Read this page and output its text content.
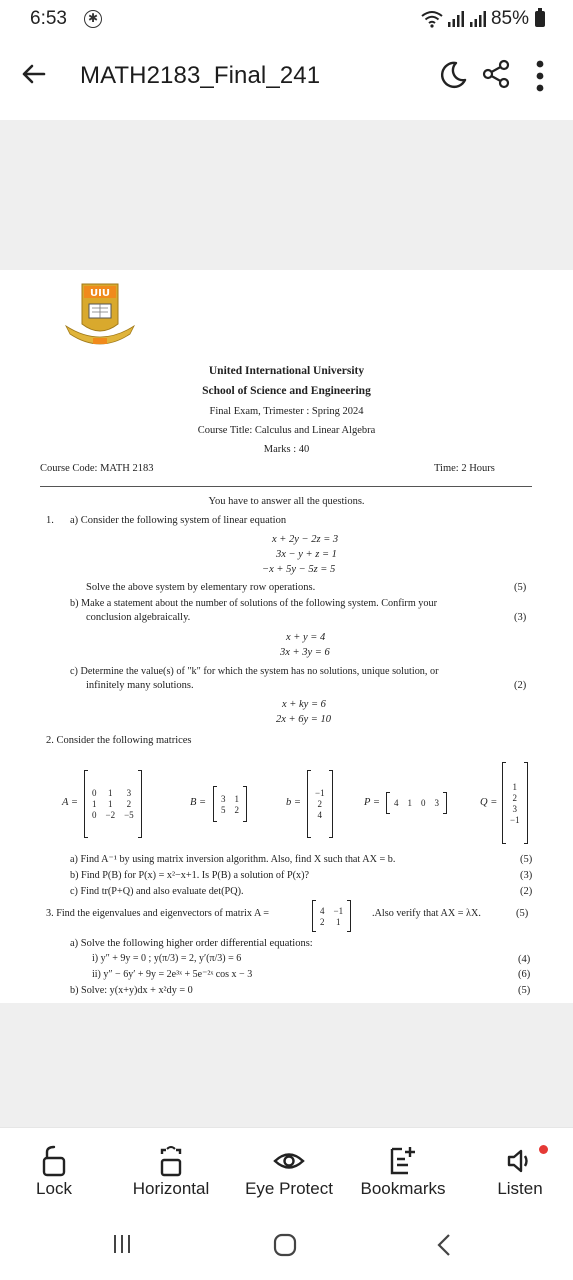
6:53	✱	85%
MATH2183_Final_241
UIU
United International University
School of Science and Engineering
Final Exam, Trimester : Spring 2024
Course Title: Calculus and Linear Algebra
Marks : 40
Course Code: MATH 2183	Time: 2 Hours
You have to answer all the questions.
1. a) Consider the following system of linear equation
x + 2y − 2z = 3
3x − y + z = 1
−x + 5y − 5z = 5
Solve the above system by elementary row operations.	(5)
b) Make a statement about the number of solutions of the following system. Confirm your
conclusion algebraically.	(3)
x + y = 4
3x + 3y = 6
c) Determine the value(s) of "k" for which the system has no solutions, unique solution, or
infinitely many solutions.	(2)
x + ky = 6
2x + 6y = 10
2. Consider the following matrices
A =
0 1 3
1 1 2
0 −2 −5
B = 3 1
5 2
b =
−1
2
4
P = 4 1 0 3	Q =
1
2
3
−1
a) Find A⁻¹ by using matrix inversion algorithm. Also, find X such that AX = b.	(5)
b) Find P(B) for P(x) = x²−x+1. Is P(B) a solution of P(x)?	(3)
c) Find tr(P+Q) and also evaluate det(PQ).	(2)
3. Find the eigenvalues and eigenvectors of matrix A =	4 −1
2 1
.Also verify that AX = λX.	(5)
a) Solve the following higher order differential equations:
i) y″ + 9y = 0 ; y(π/3) = 2, y′(π/3) = 6	(4)
ii) y″ − 6y′ + 9y = 2e³ˣ + 5e⁻²ˣ cos x − 3	(6)
b) Solve: y(x+y)dx + x²dy = 0	(5)
Lock	Horizontal	Eye Protect	Bookmarks	Listen
